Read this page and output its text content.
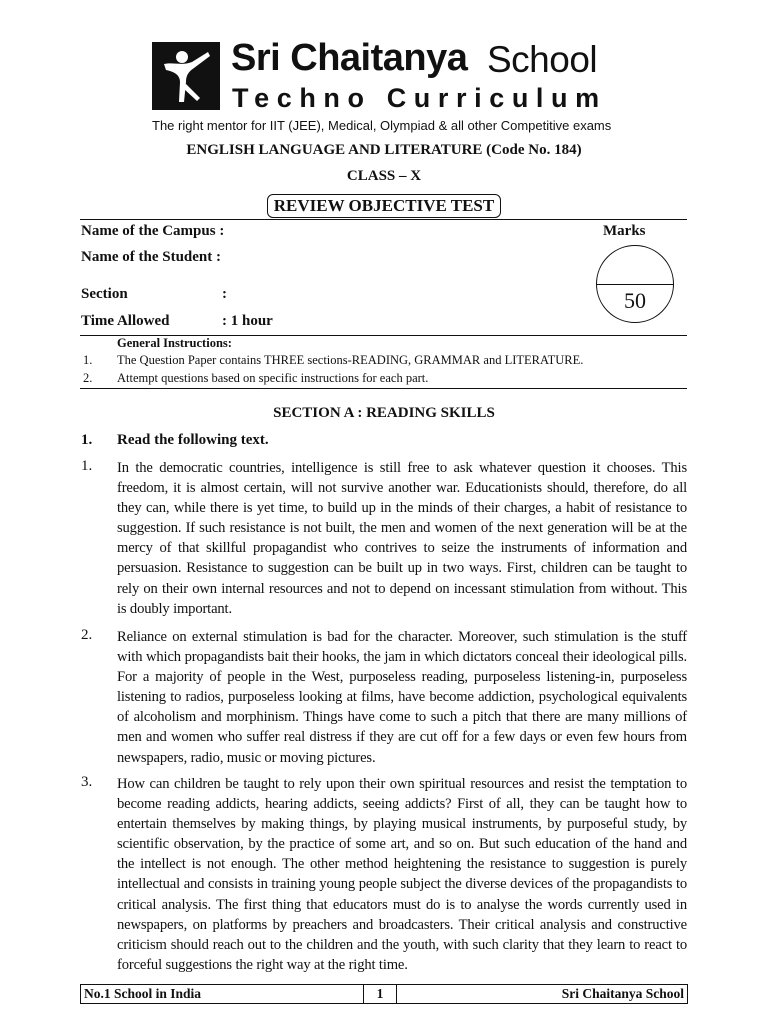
Sri Chaitanya School
Techno Curriculum
The right mentor for IIT (JEE), Medical, Olympiad & all other Competitive exams
ENGLISH LANGUAGE AND LITERATURE (Code No. 184)
CLASS – X
REVIEW OBJECTIVE TEST
Name of the Campus :
Name of the Student :
Section	:
Time Allowed	: 1 hour
Marks
50
General Instructions:
1. The Question Paper contains THREE sections-READING, GRAMMAR and LITERATURE.
2. Attempt questions based on specific instructions for each part.
SECTION A : READING SKILLS
1. Read the following text.
1. In the democratic countries, intelligence is still free to ask whatever question it chooses. This freedom, it is almost certain, will not survive another war. Educationists should, therefore, do all they can, while there is yet time, to build up in the minds of their charges, a habit of resistance to suggestion. If such resistance is not built, the men and women of the next generation will be at the mercy of that skillful propagandist who contrives to seize the instruments of information and persuasion. Resistance to suggestion can be built up in two ways. First, children can be taught to rely on their own internal resources and not to depend on incessant stimulation from without. This is doubly important.
2. Reliance on external stimulation is bad for the character. Moreover, such stimulation is the stuff with which propagandists bait their hooks, the jam in which dictators conceal their ideological pills. For a majority of people in the West, purposeless reading, purposeless listening-in, purposeless listening to radios, purposeless looking at films, have become addiction, psychological equivalents of alcoholism and morphinism. Things have come to such a pitch that there are many millions of men and women who suffer real distress if they are cut off for a few days or even few hours from newspapers, radio, music or moving pictures.
3. How can children be taught to rely upon their own spiritual resources and resist the temptation to become reading addicts, hearing addicts, seeing addicts? First of all, they can be taught how to entertain themselves by making things, by playing musical instruments, by purposeful study, by scientific observation, by the practice of some art, and so on. But such education of the hand and the intellect is not enough. The other method heightening the resistance to suggestion is purely intellectual and consists in training young people subject the diverse devices of the propagandists to critical analysis. The first thing that educators must do is to analyse the words currently used in newspapers, on platforms by preachers and broadcasters. Their critical analysis and constructive criticism should reach out to the children and the youth, with such clarity that they learn to react to forceful suggestions the right way at the right time.
No.1 School in India	1	Sri Chaitanya School
